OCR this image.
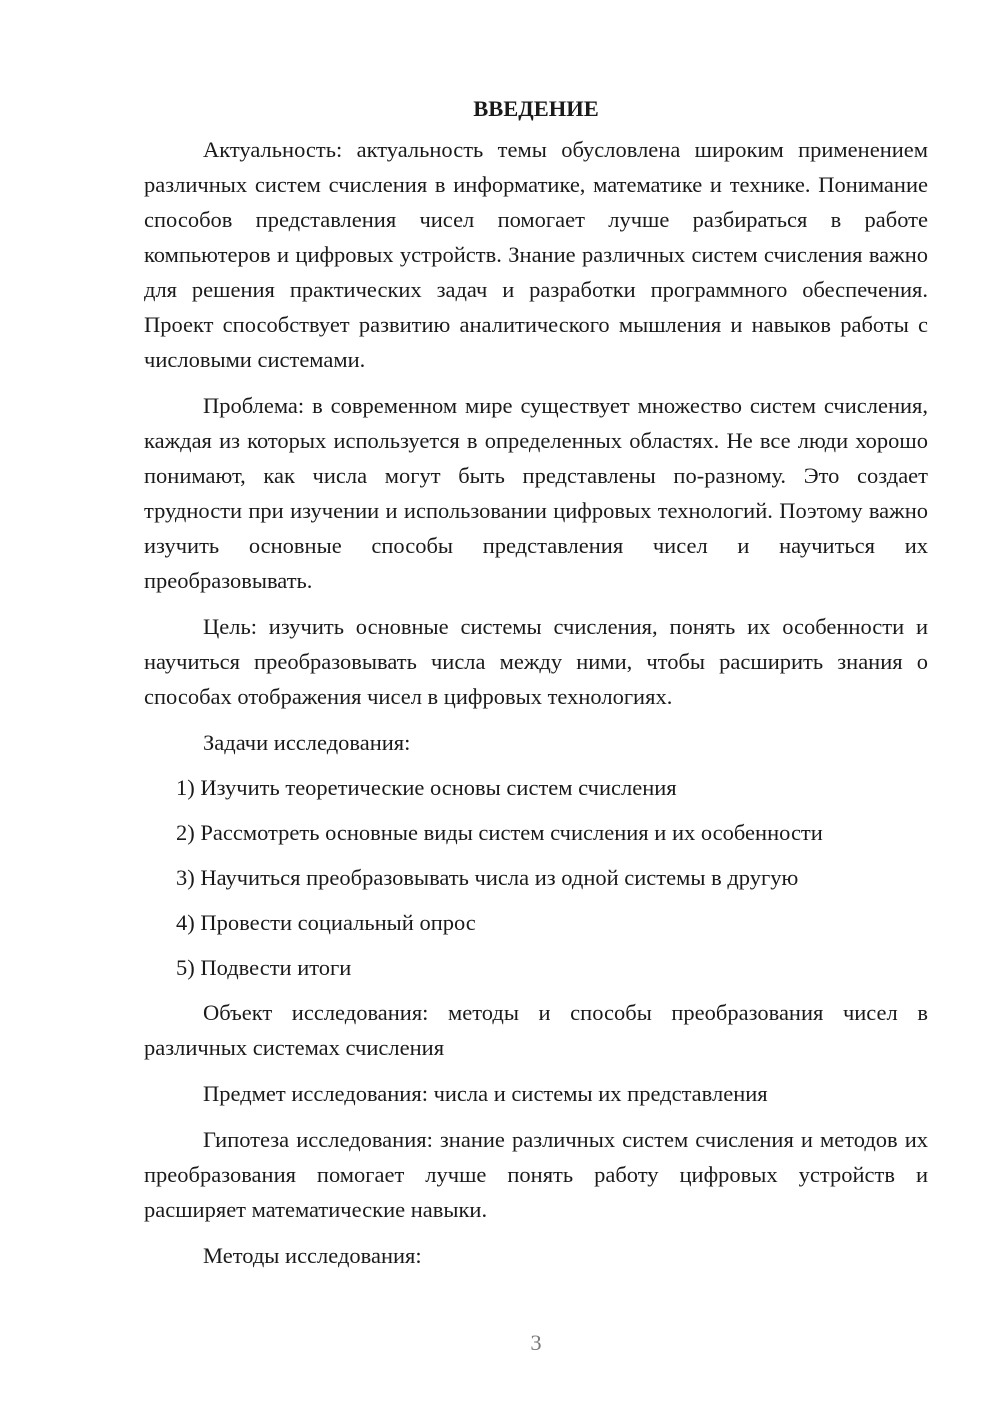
ВВЕДЕНИЕ

Актуальность: актуальность темы обусловлена широким применением различных систем счисления в информатике, математике и технике. Понимание способов представления чисел помогает лучше разбираться в работе компьютеров и цифровых устройств. Знание различных систем счисления важно для решения практических задач и разработки программного обеспечения. Проект способствует развитию аналитического мышления и навыков работы с числовыми системами.

Проблема: в современном мире существует множество систем счисления, каждая из которых используется в определенных областях. Не все люди хорошо понимают, как числа могут быть представлены по-разному. Это создает трудности при изучении и использовании цифровых технологий. Поэтому важно изучить основные способы представления чисел и научиться их преобразовывать.

Цель: изучить основные системы счисления, понять их особенности и научиться преобразовывать числа между ними, чтобы расширить знания о способах отображения чисел в цифровых технологиях.

Задачи исследования:
1) Изучить теоретические основы систем счисления
2) Рассмотреть основные виды систем счисления и их особенности
3) Научиться преобразовывать числа из одной системы в другую
4) Провести социальный опрос
5) Подвести итоги

Объект исследования: методы и способы преобразования чисел в различных системах счисления

Предмет исследования: числа и системы их представления

Гипотеза исследования: знание различных систем счисления и методов их преобразования помогает лучше понять работу цифровых устройств и расширяет математические навыки.

Методы исследования:
3
